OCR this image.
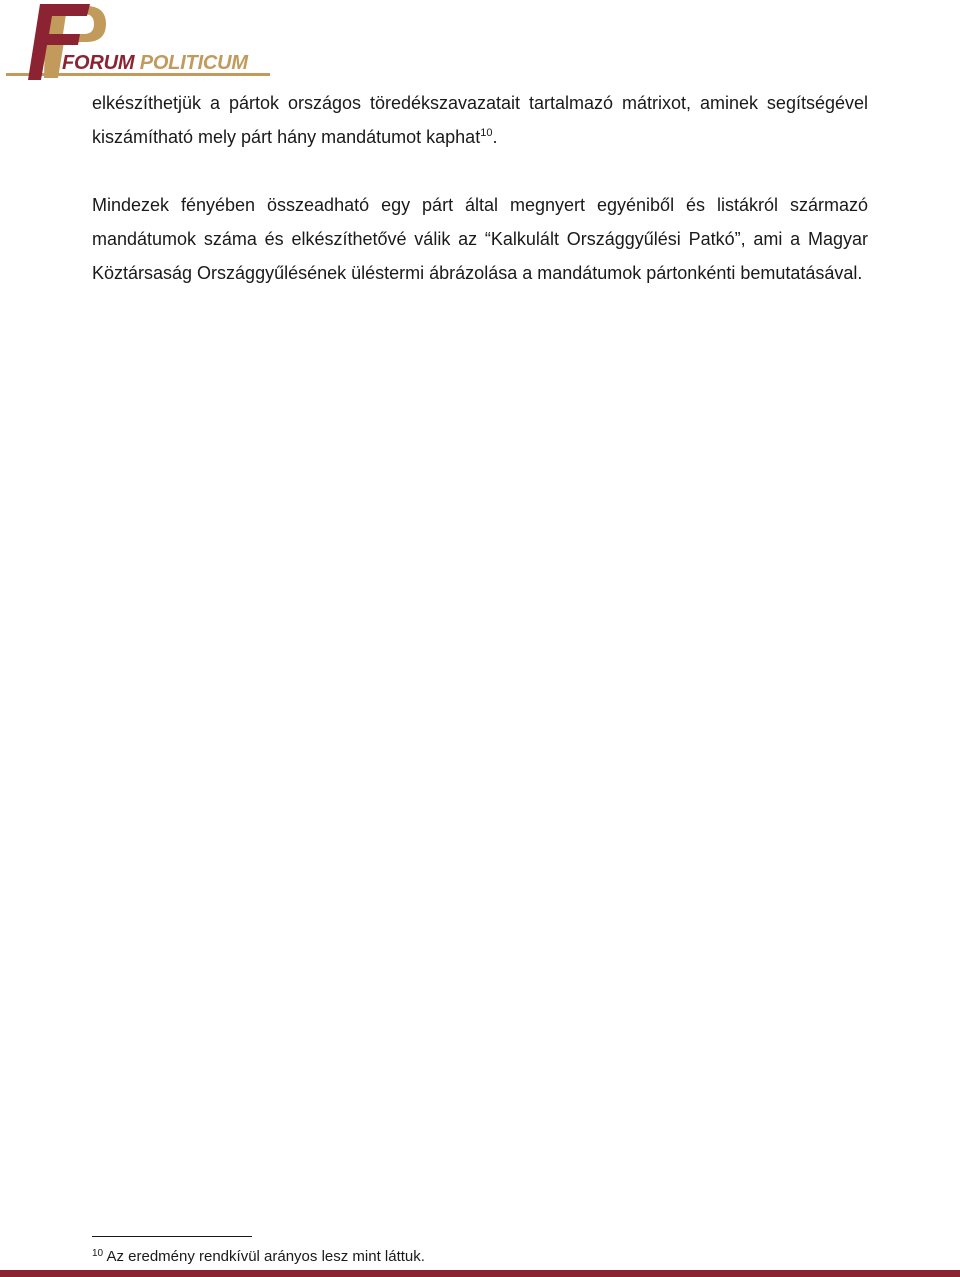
FORUM POLITICUM
elkészíthetjük a pártok országos töredékszavazatait tartalmazó mátrixot, aminek segítségével kiszámítható mely párt hány mandátumot kaphat$^{10}$.
Mindezek fényében összeadható egy párt által megnyert egyéniből és listákról származó mandátumok száma és elkészíthetővé válik az “Kalkulált Országgyűlési Patkó”, ami a Magyar Köztársaság Országgyűlésének üléstermi ábrázolása a mandátumok pártonkénti bemutatásával.
$^{10}$ Az eredmény rendkívül arányos lesz mint láttuk.
